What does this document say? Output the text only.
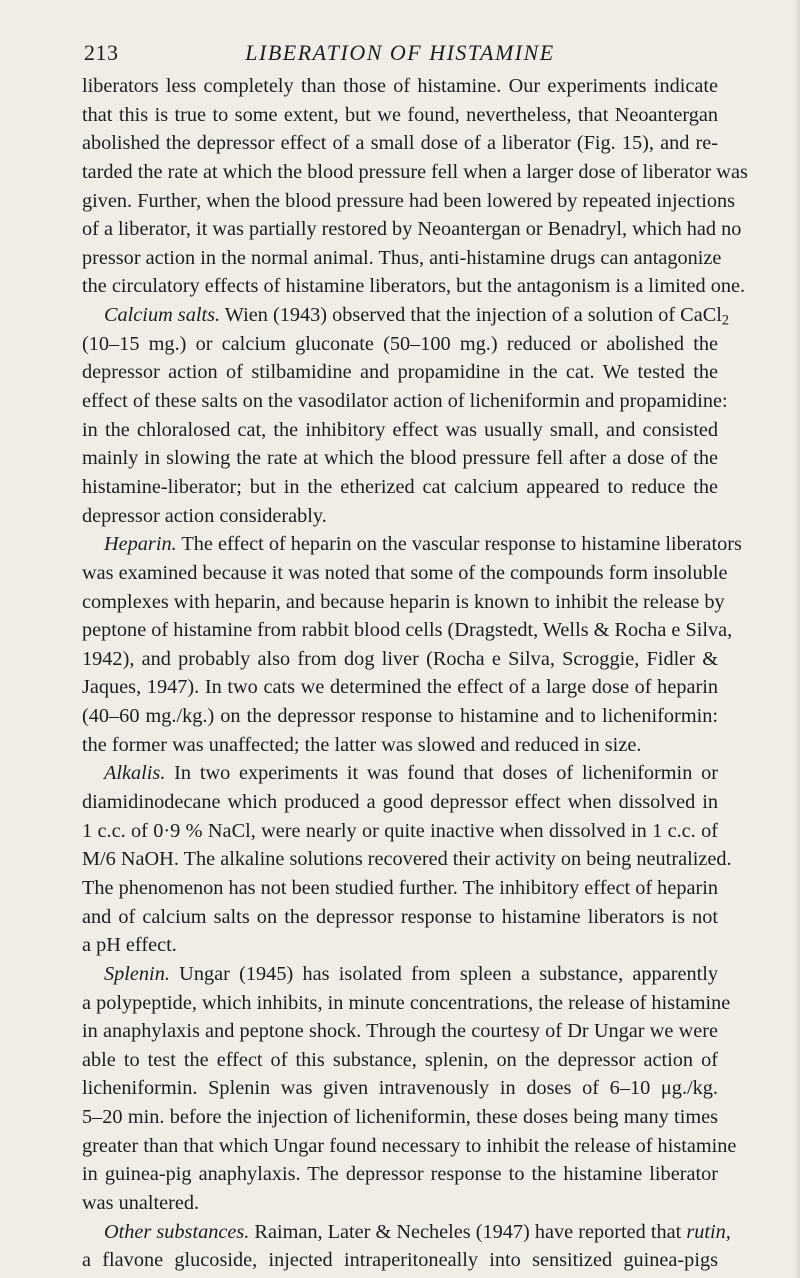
213	LIBERATION OF HISTAMINE
liberators less completely than those of histamine. Our experiments indicate
that this is true to some extent, but we found, nevertheless, that Neoantergan
abolished the depressor effect of a small dose of a liberator (Fig. 15), and re-
tarded the rate at which the blood pressure fell when a larger dose of liberator was
given. Further, when the blood pressure had been lowered by repeated injections
of a liberator, it was partially restored by Neoantergan or Benadryl, which had no
pressor action in the normal animal. Thus, anti-histamine drugs can antagonize
the circulatory effects of histamine liberators, but the antagonism is a limited one.
Calcium salts. Wien (1943) observed that the injection of a solution of CaCl$_2$
(10–15 mg.) or calcium gluconate (50–100 mg.) reduced or abolished the
depressor action of stilbamidine and propamidine in the cat. We tested the
effect of these salts on the vasodilator action of licheniformin and propamidine:
in the chloralosed cat, the inhibitory effect was usually small, and consisted
mainly in slowing the rate at which the blood pressure fell after a dose of the
histamine-liberator; but in the etherized cat calcium appeared to reduce the
depressor action considerably.
Heparin. The effect of heparin on the vascular response to histamine liberators
was examined because it was noted that some of the compounds form insoluble
complexes with heparin, and because heparin is known to inhibit the release by
peptone of histamine from rabbit blood cells (Dragstedt, Wells & Rocha e Silva,
1942), and probably also from dog liver (Rocha e Silva, Scroggie, Fidler &
Jaques, 1947). In two cats we determined the effect of a large dose of heparin
(40–60 mg./kg.) on the depressor response to histamine and to licheniformin:
the former was unaffected; the latter was slowed and reduced in size.
Alkalis. In two experiments it was found that doses of licheniformin or
diamidinodecane which produced a good depressor effect when dissolved in
1 c.c. of 0·9 % NaCl, were nearly or quite inactive when dissolved in 1 c.c. of
M/6 NaOH. The alkaline solutions recovered their activity on being neutralized.
The phenomenon has not been studied further. The inhibitory effect of heparin
and of calcium salts on the depressor response to histamine liberators is not
a pH effect.
Splenin. Ungar (1945) has isolated from spleen a substance, apparently
a polypeptide, which inhibits, in minute concentrations, the release of histamine
in anaphylaxis and peptone shock. Through the courtesy of Dr Ungar we were
able to test the effect of this substance, splenin, on the depressor action of
licheniformin. Splenin was given intravenously in doses of 6–10 μg./kg.
5–20 min. before the injection of licheniformin, these doses being many times
greater than that which Ungar found necessary to inhibit the release of histamine
in guinea-pig anaphylaxis. The depressor response to the histamine liberator
was unaltered.
Other substances. Raiman, Later & Necheles (1947) have reported that rutin,
a flavone glucoside, injected intraperitoneally into sensitized guinea-pigs
